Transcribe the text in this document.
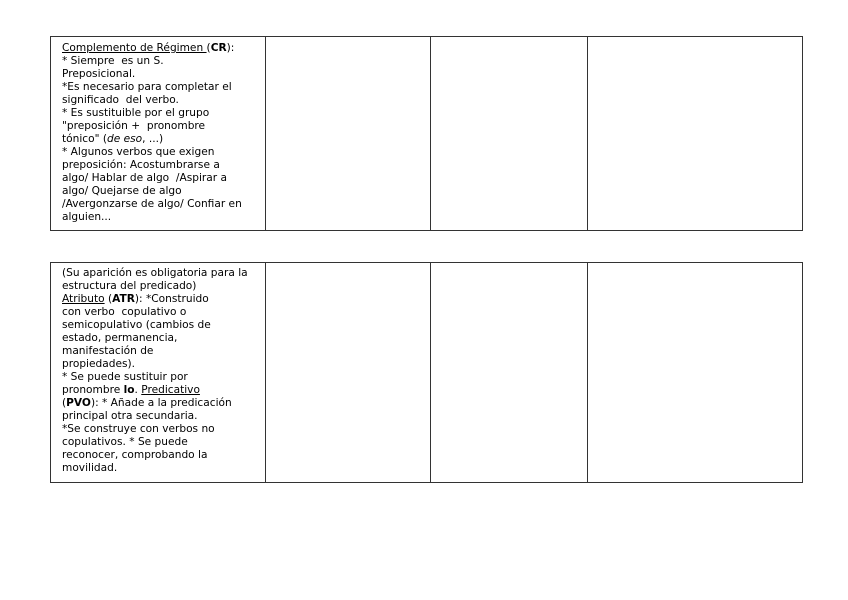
Complemento de Régimen (CR):
* Siempre  es un S.
Preposicional.
*Es necesario para completar el
significado  del verbo.
* Es sustituible por el grupo
"preposición +  pronombre
tónico" (de eso, ...)
* Algunos verbos que exigen
preposición: Acostumbrarse a
algo/ Hablar de algo  /Aspirar a
algo/ Quejarse de algo
/Avergonzarse de algo/ Confiar en
alguien...

(Su aparición es obligatoria para la
estructura del predicado)
Atributo (ATR): *Construido
con verbo  copulativo o
semicopulativo (cambios de
estado, permanencia,
manifestación de
propiedades).
* Se puede sustituir por
pronombre lo. Predicativo
(PVO): * Añade a la predicación
principal otra secundaria.
*Se construye con verbos no
copulativos. * Se puede
reconocer, comprobando la
movilidad.
